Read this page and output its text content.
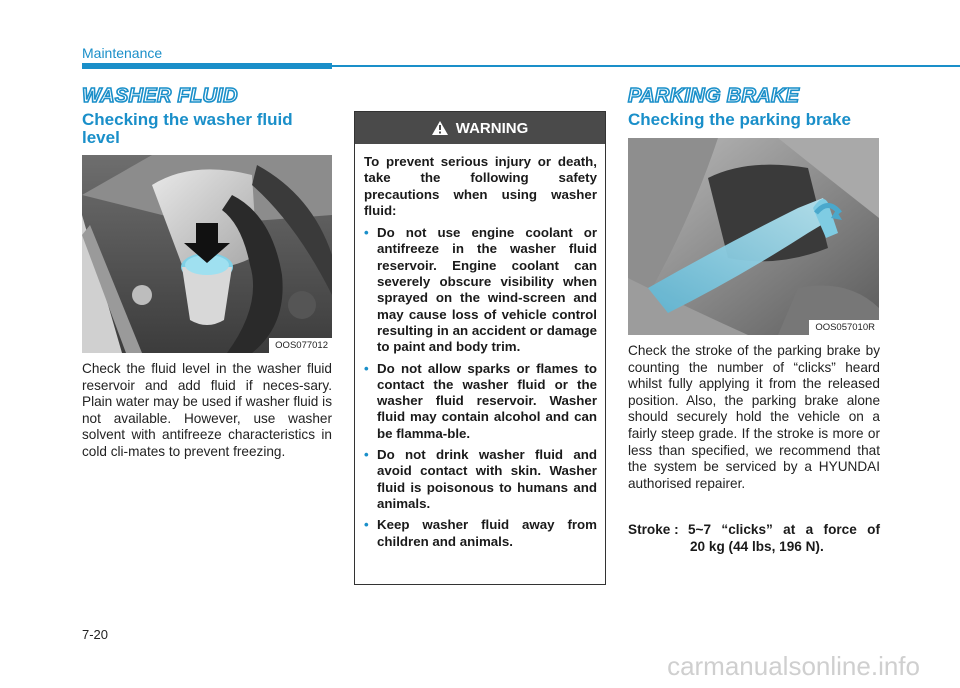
Maintenance
WASHER FLUID
Checking the washer fluid level
OOS077012
Check the fluid level in the washer fluid reservoir and add fluid if neces-sary. Plain water may be used if washer fluid is not available. However, use washer solvent with antifreeze characteristics in cold cli-mates to prevent freezing.
WARNING

To prevent serious injury or death, take the following safety precautions when using washer fluid:

• Do not use engine coolant or antifreeze in the washer fluid reservoir. Engine coolant can severely obscure visibility when sprayed on the wind-screen and may cause loss of vehicle control resulting in an accident or damage to paint and body trim.
• Do not allow sparks or flames to contact the washer fluid or the washer fluid reservoir. Washer fluid may contain alcohol and can be flamma-ble.
• Do not drink washer fluid and avoid contact with skin. Washer fluid is poisonous to humans and animals.
• Keep washer fluid away from children and animals.
PARKING BRAKE
Checking the parking brake
OOS057010R
Check the stroke of the parking brake by counting the number of “clicks” heard whilst fully applying it from the released position. Also, the parking brake alone should securely hold the vehicle on a fairly steep grade. If the stroke is more or less than specified, we recommend that the system be serviced by a HYUNDAI authorised repairer.
Stroke : 5~7 “clicks” at a force of
20 kg (44 lbs, 196 N).
7-20
carmanualsonline.info
